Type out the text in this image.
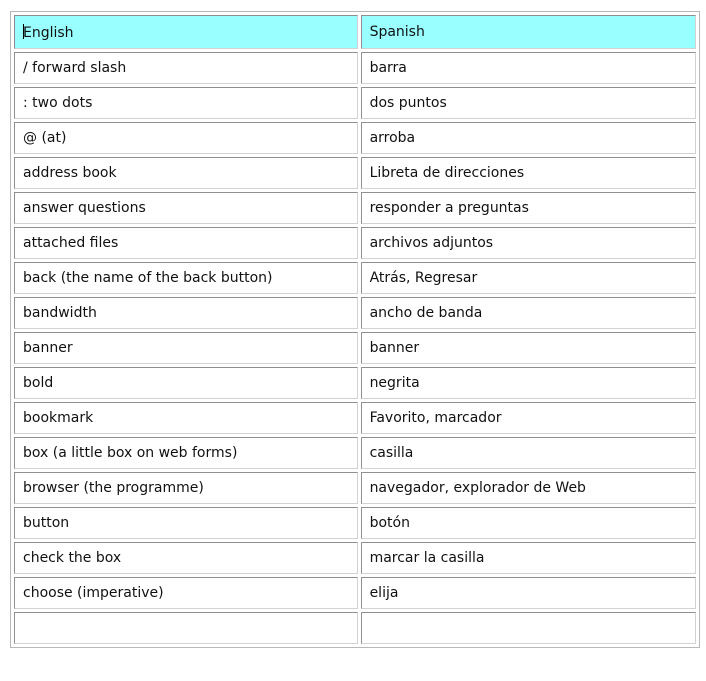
English	Spanish
/ forward slash	barra
: two dots	dos puntos
@ (at)	arroba
address book	Libreta de direcciones
answer questions	responder a preguntas
attached files	archivos adjuntos
back (the name of the back button)	Atrás, Regresar
bandwidth	ancho de banda
banner	banner
bold	negrita
bookmark	Favorito, marcador
box (a little box on web forms)	casilla
browser (the programme)	navegador, explorador de Web
button	botón
check the box	marcar la casilla
choose (imperative)	elija
